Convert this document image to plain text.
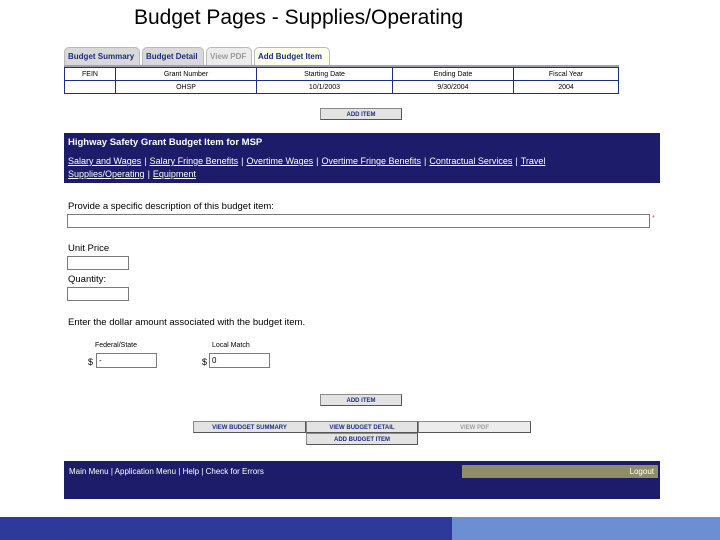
Budget Pages - Supplies/Operating
Budget Summary	Budget Detail	View PDF	Add Budget Item
FEIN	Grant Number	Starting Date	Ending Date	Fiscal Year
	OHSP	10/1/2003	9/30/2004	2004
ADD ITEM
Highway Safety Grant Budget Item for MSP
Salary and Wages | Salary Fringe Benefits | Overtime Wages | Overtime Fringe Benefits | Contractual Services | Travel
Supplies/Operating | Equipment
Provide a specific description of this budget item:
*
Unit Price
Quantity:
Enter the dollar amount associated with the budget item.
Federal/State
$
-
Local Match
$
0
ADD ITEM
VIEW BUDGET SUMMARY	VIEW BUDGET DETAIL	VIEW PDF
ADD BUDGET ITEM
Main Menu | Application Menu | Help | Check for Errors	Logout
